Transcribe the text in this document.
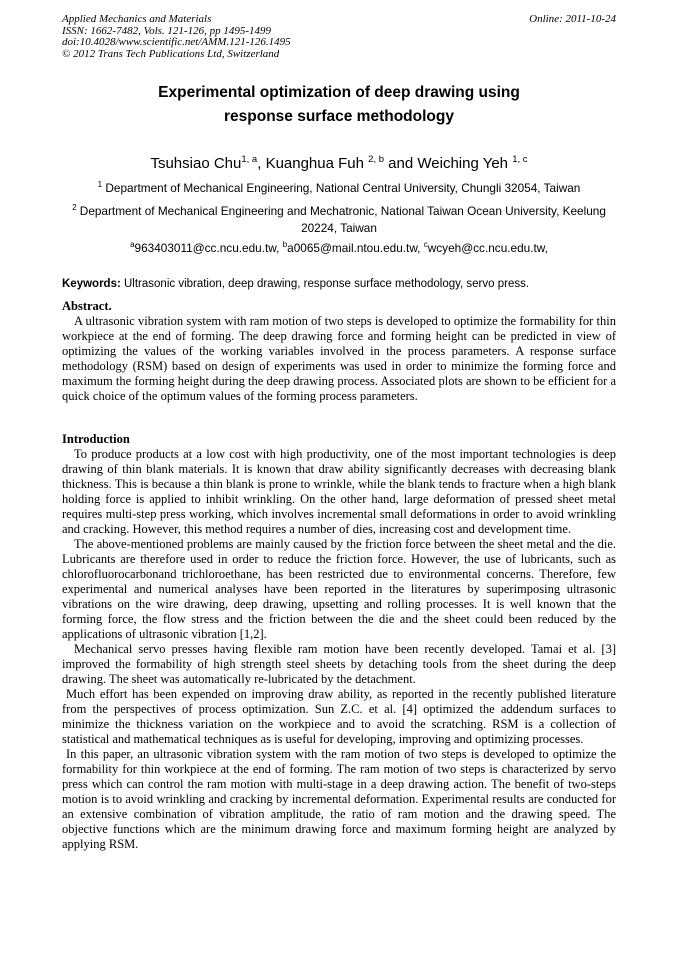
Applied Mechanics and Materials
ISSN: 1662-7482, Vols. 121-126, pp 1495-1499
doi:10.4028/www.scientific.net/AMM.121-126.1495
© 2012 Trans Tech Publications Ltd, Switzerland
Online: 2011-10-24
Experimental optimization of deep drawing using
response surface methodology
Tsuhsiao Chu$^{1, a}$, Kuanghua Fuh $^{2, b}$ and Weiching Yeh $^{1, c}$
$^1$ Department of Mechanical Engineering, National Central University, Chungli 32054, Taiwan
$^2$ Department of Mechanical Engineering and Mechatronic, National Taiwan Ocean University, Keelung 20224, Taiwan
$^a$963403011@cc.ncu.edu.tw, $^b$a0065@mail.ntou.edu.tw, $^c$wcyeh@cc.ncu.edu.tw,
Keywords: Ultrasonic vibration, deep drawing, response surface methodology, servo press.
Abstract.

A ultrasonic vibration system with ram motion of two steps is developed to optimize the formability for thin workpiece at the end of forming. The deep drawing force and forming height can be predicted in view of optimizing the values of the working variables involved in the process parameters. A response surface methodology (RSM) based on design of experiments was used in order to minimize the forming force and maximum the forming height during the deep drawing process. Associated plots are shown to be efficient for a quick choice of the optimum values of the forming process parameters.

Introduction

To produce products at a low cost with high productivity, one of the most important technologies is deep drawing of thin blank materials. It is known that draw ability significantly decreases with decreasing blank thickness. This is because a thin blank is prone to wrinkle, while the blank tends to fracture when a high blank holding force is applied to inhibit wrinkling. On the other hand, large deformation of pressed sheet metal requires multi-step press working, which involves incremental small deformations in order to avoid wrinkling and cracking. However, this method requires a number of dies, increasing cost and development time.

The above-mentioned problems are mainly caused by the friction force between the sheet metal and the die. Lubricants are therefore used in order to reduce the friction force. However, the use of lubricants, such as chlorofluorocarbonand trichloroethane, has been restricted due to environmental concerns. Therefore, few experimental and numerical analyses have been reported in the literatures by superimposing ultrasonic vibrations on the wire drawing, deep drawing, upsetting and rolling processes. It is well known that the forming force, the flow stress and the friction between the die and the sheet could been reduced by the applications of ultrasonic vibration [1,2].

Mechanical servo presses having flexible ram motion have been recently developed. Tamai et al. [3] improved the formability of high strength steel sheets by detaching tools from the sheet during the deep drawing. The sheet was automatically re-lubricated by the detachment.

Much effort has been expended on improving draw ability, as reported in the recently published literature from the perspectives of process optimization. Sun Z.C. et al. [4] optimized the addendum surfaces to minimize the thickness variation on the workpiece and to avoid the scratching. RSM is a collection of statistical and mathematical techniques as is useful for developing, improving and optimizing processes.

In this paper, an ultrasonic vibration system with the ram motion of two steps is developed to optimize the formability for thin workpiece at the end of forming. The ram motion of two steps is characterized by servo press which can control the ram motion with multi-stage in a deep drawing action. The benefit of two-steps motion is to avoid wrinkling and cracking by incremental deformation. Experimental results are conducted for an extensive combination of vibration amplitude, the ratio of ram motion and the drawing speed. The objective functions which are the minimum drawing force and maximum forming height are analyzed by applying RSM.
